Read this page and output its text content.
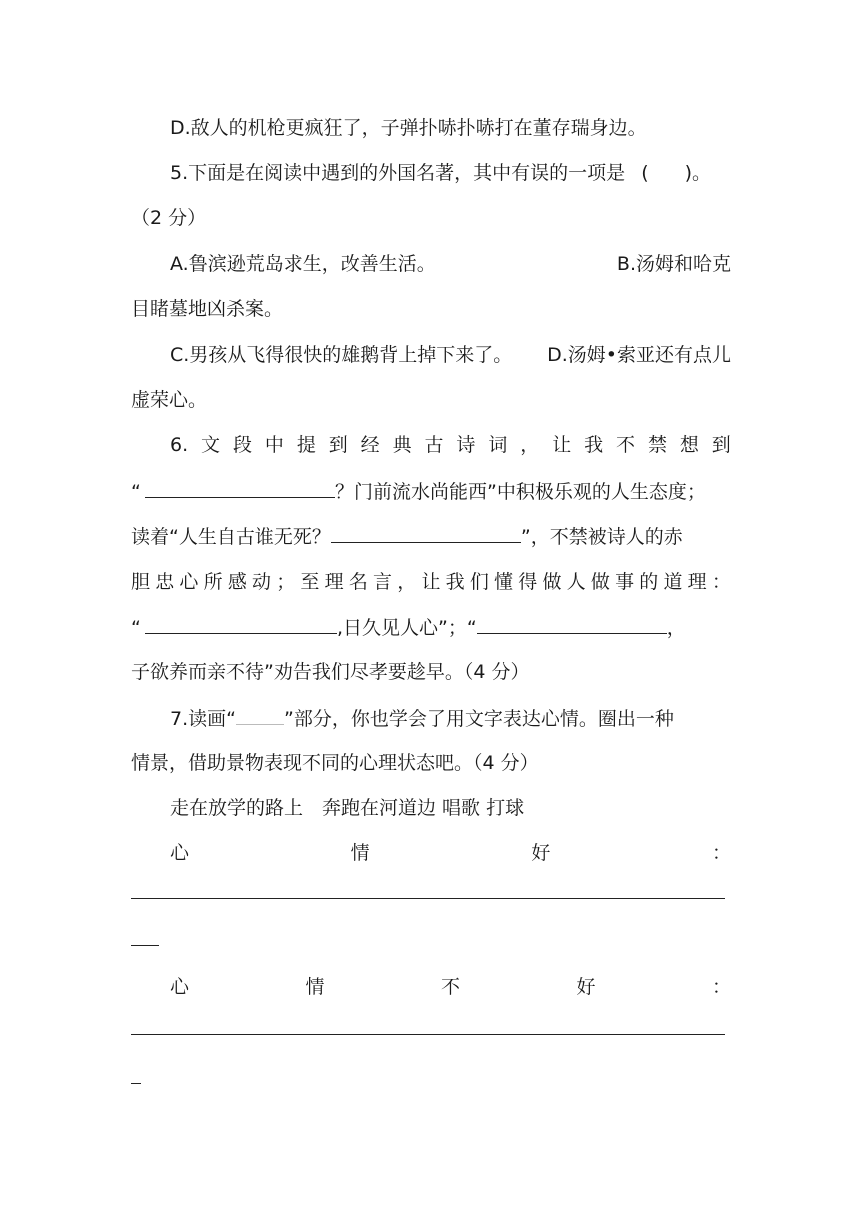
D.敌人的机枪更疯狂了，子弹扑哧扑哧打在董存瑞身边。
5.下面是在阅读中遇到的外国名著，其中有误的一项是 ( )。
（2 分）
A.鲁滨逊荒岛求生，改善生活。	B.汤姆和哈克
目睹墓地凶杀案。
C.男孩从飞得很快的雄鹅背上掉下来了。 D.汤姆•索亚还有点儿
虚荣心。
6. 文 段 中 提 到 经 典 古 诗 词 ， 让 我 不 禁 想 到
“	？门前流水尚能西”中积极乐观的人生态度；
读着“人生自古谁无死？	”，不禁被诗人的赤
胆 忠 心 所 感 动 ； 至 理 名 言 ， 让 我 们 懂 得 做 人 做 事 的 道 理 ：
“	,日久见人心”；“	，
子欲养而亲不待”劝告我们尽孝要趁早。（4 分）
7.读画“	”部分，你也学会了用文字表达心情。圈出一种
情景，借助景物表现不同的心理状态吧。（4 分）
走在放学的路上　奔跑在河道边 唱歌 打球
心	情	好	：
心	情	不	好	：
